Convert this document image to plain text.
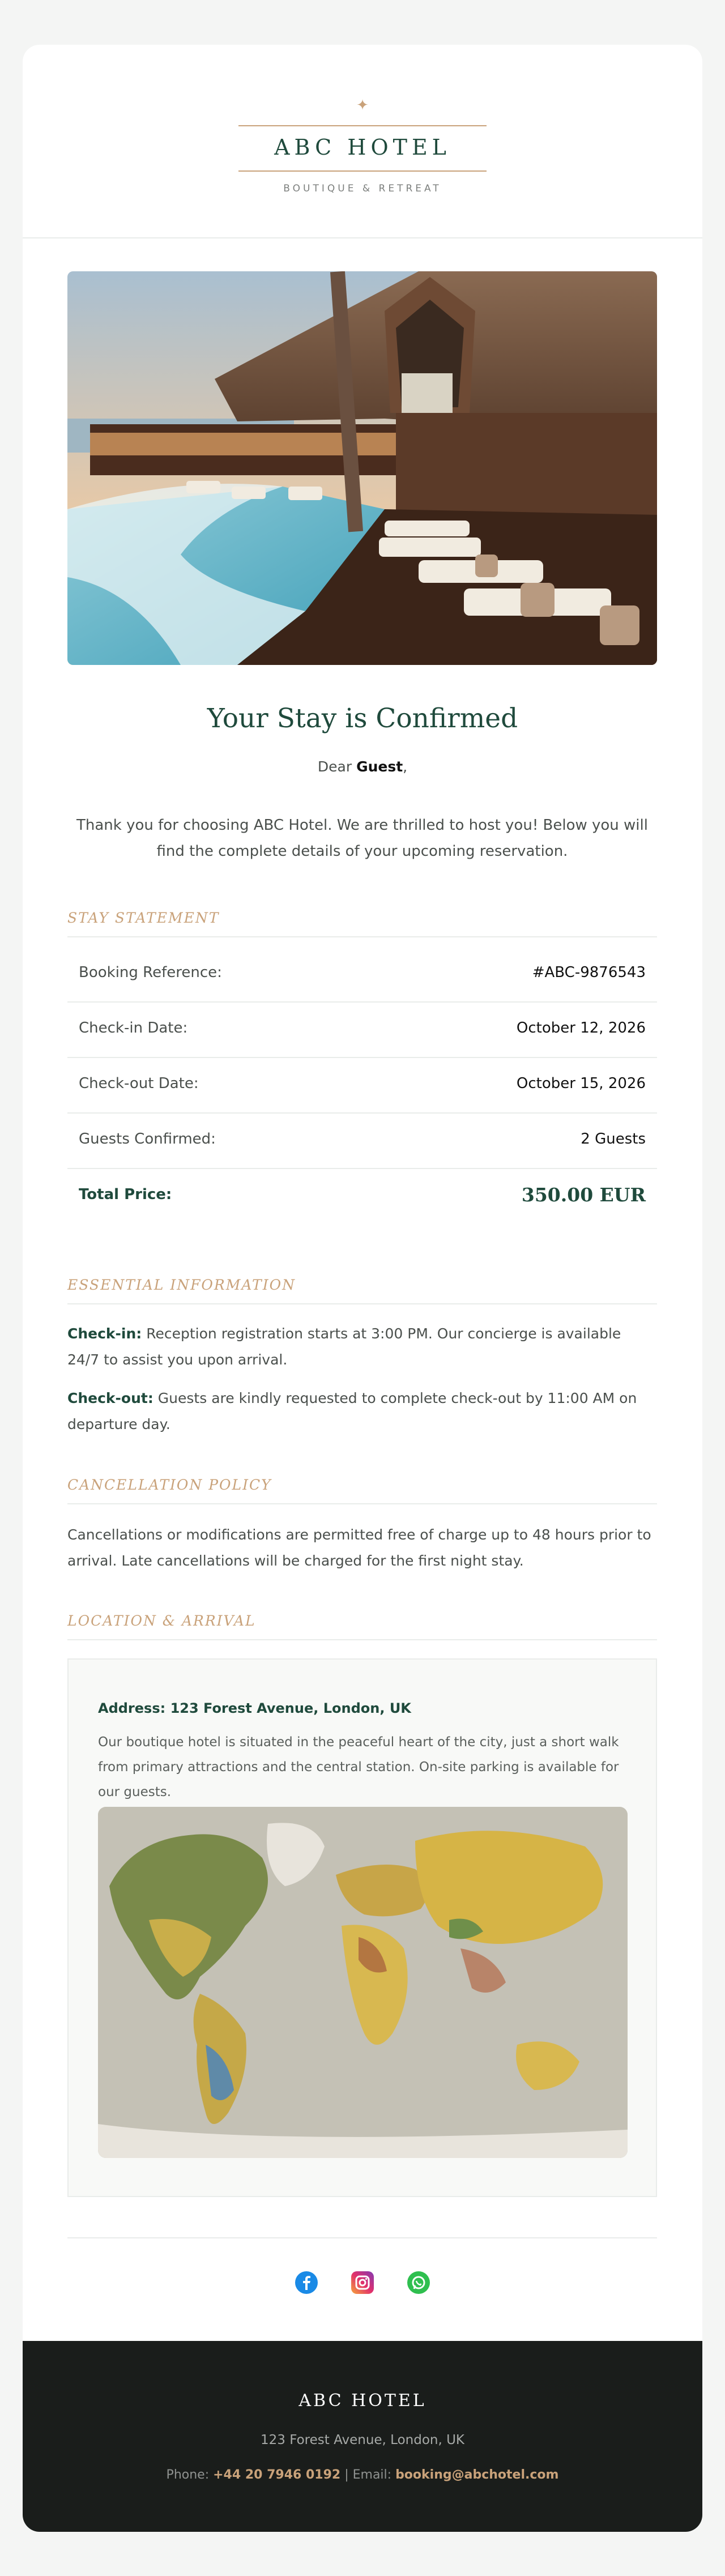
✦
ABC HOTEL
BOUTIQUE & RETREAT
Your Stay is Confirmed
Dear Guest,
Thank you for choosing ABC Hotel. We are thrilled to host you! Below you will find the complete details of your upcoming reservation.
STAY STATEMENT
Booking Reference:	#ABC-9876543
Check-in Date:	October 12, 2026
Check-out Date:	October 15, 2026
Guests Confirmed:	2 Guests
Total Price:	350.00 EUR
ESSENTIAL INFORMATION
Check-in: Reception registration starts at 3:00 PM. Our concierge is available 24/7 to assist you upon arrival.
Check-out: Guests are kindly requested to complete check-out by 11:00 AM on departure day.
CANCELLATION POLICY
Cancellations or modifications are permitted free of charge up to 48 hours prior to arrival. Late cancellations will be charged for the first night stay.
LOCATION & ARRIVAL
Address: 123 Forest Avenue, London, UK
Our boutique hotel is situated in the peaceful heart of the city, just a short walk from primary attractions and the central station. On-site parking is available for our guests.
ABC HOTEL
123 Forest Avenue, London, UK
Phone: +44 20 7946 0192 | Email: booking@abchotel.com
